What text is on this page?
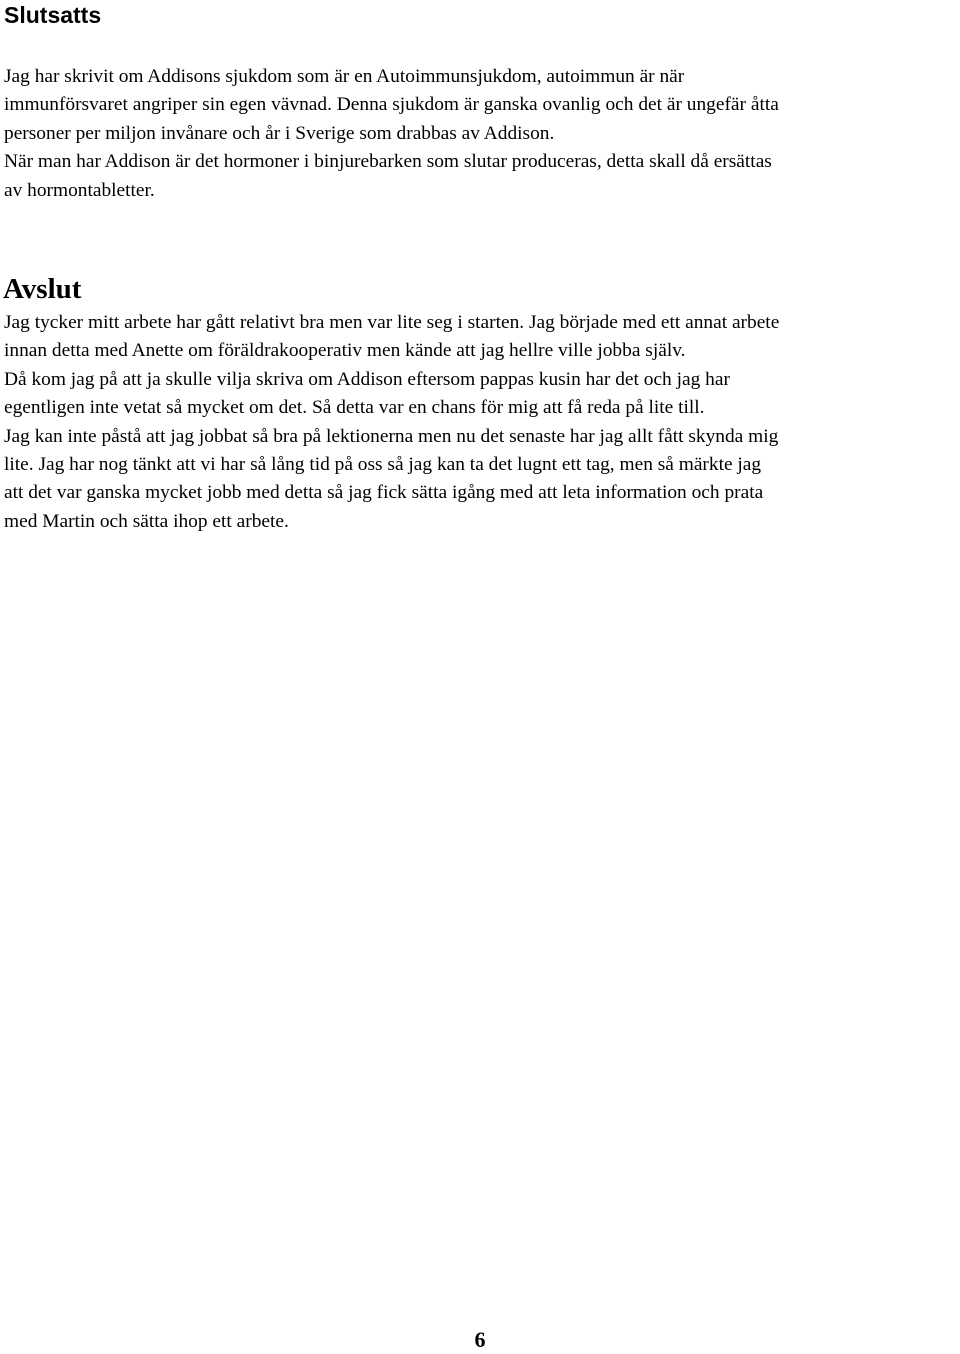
Slutsatts

Jag har skrivit om Addisons sjukdom som är en Autoimmunsjukdom, autoimmun är när
immunförsvaret angriper sin egen vävnad. Denna sjukdom är ganska ovanlig och det är ungefär åtta
personer per miljon invånare och år i Sverige som drabbas av Addison.
När man har Addison är det hormoner i binjurebarken som slutar produceras, detta skall då ersättas
av hormontabletter.

Avslut

Jag tycker mitt arbete har gått relativt bra men var lite seg i starten. Jag började med ett annat arbete
innan detta med Anette om föräldrakooperativ men kände att jag hellre ville jobba själv.
Då kom jag på att ja skulle vilja skriva om Addison eftersom pappas kusin har det och jag har
egentligen inte vetat så mycket om det. Så detta var en chans för mig att få reda på lite till.
Jag kan inte påstå att jag jobbat så bra på lektionerna men nu det senaste har jag allt fått skynda mig
lite. Jag har nog tänkt att vi har så lång tid på oss så jag kan ta det lugnt ett tag, men så märkte jag
att det var ganska mycket jobb med detta så jag fick sätta igång med att leta information och prata
med Martin och sätta ihop ett arbete.

6
